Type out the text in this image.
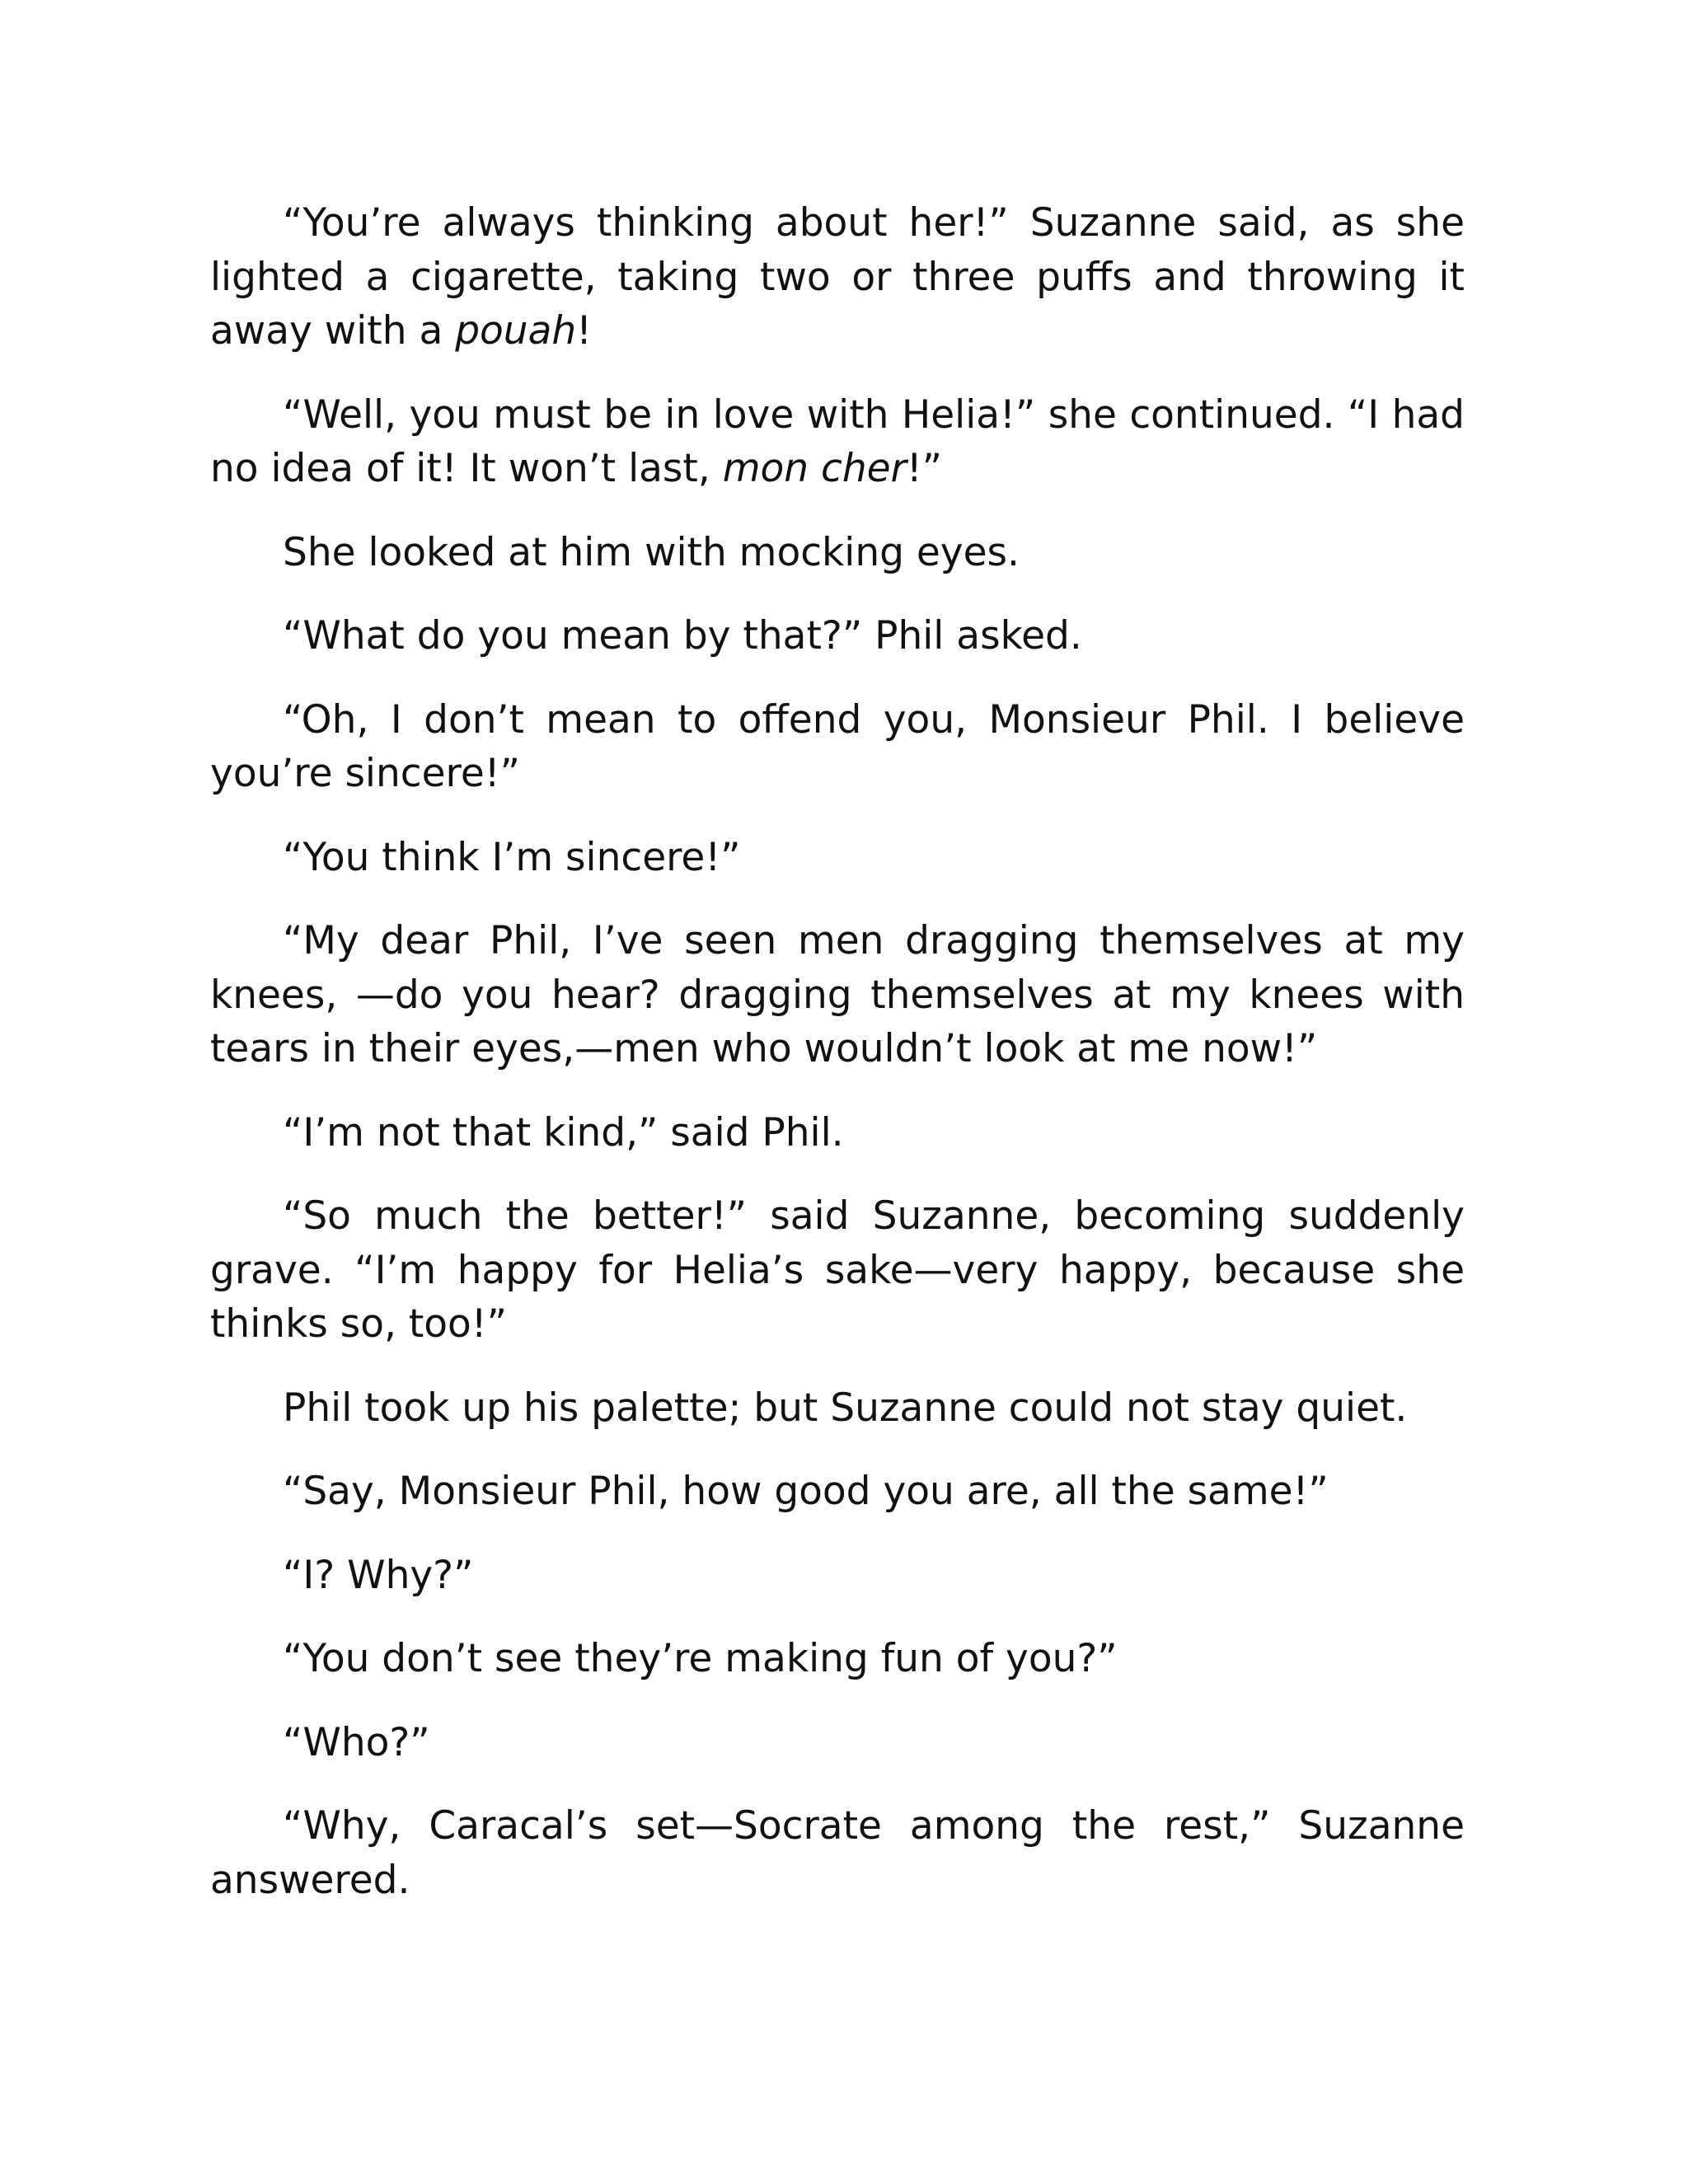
“You’re always thinking about her!” Suzanne said, as she lighted a cigarette, taking two or three puffs and throwing it away with a pouah!

“Well, you must be in love with Helia!” she continued. “I had no idea of it! It won’t last, mon cher!”

She looked at him with mocking eyes.

“What do you mean by that?” Phil asked.

“Oh, I don’t mean to offend you, Monsieur Phil. I believe you’re sincere!”

“You think I’m sincere!”

“My dear Phil, I’ve seen men dragging themselves at my knees, —do you hear? dragging themselves at my knees with tears in their eyes,—men who wouldn’t look at me now!”

“I’m not that kind,” said Phil.

“So much the better!” said Suzanne, becoming suddenly grave. “I’m happy for Helia’s sake—very happy, because she thinks so, too!”

Phil took up his palette; but Suzanne could not stay quiet.

“Say, Monsieur Phil, how good you are, all the same!”

“I? Why?”

“You don’t see they’re making fun of you?”

“Who?”

“Why, Caracal’s set—Socrate among the rest,” Suzanne answered.
